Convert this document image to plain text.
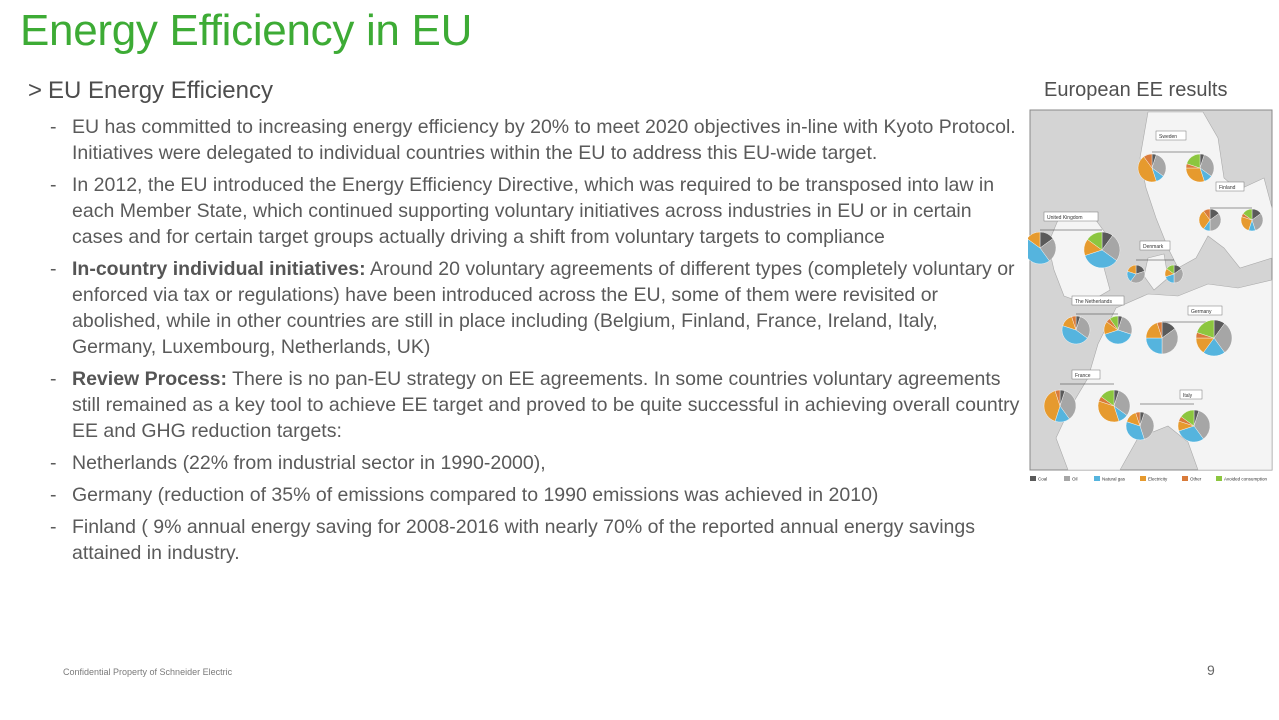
Energy Efficiency in EU
> EU Energy Efficiency
- EU has committed to increasing energy efficiency by 20% to meet 2020 objectives in-line with Kyoto Protocol. Initiatives were delegated to individual countries within the EU to address this EU-wide target.
- In 2012, the EU introduced the Energy Efficiency Directive, which was required to be transposed into law in each Member State, which continued supporting voluntary initiatives across industries in EU or in certain cases and for certain target groups actually driving a shift from voluntary targets to compliance
- In-country individual initiatives: Around 20 voluntary agreements of different types (completely voluntary or enforced via tax or regulations) have been introduced across the EU, some of them were revisited or abolished, while in other countries are still in place including (Belgium, Finland, France, Ireland, Italy, Germany, Luxembourg, Netherlands, UK)
- Review Process: There is no pan-EU strategy on EE agreements. In some countries voluntary agreements still remained as a key tool to achieve EE target and proved to be quite successful in achieving overall country EE and GHG reduction targets:
- Netherlands (22% from industrial sector in 1990-2000),
- Germany (reduction of 35% of emissions compared to 1990 emissions was achieved in 2010)
- Finland ( 9% annual energy saving for 2008-2016 with nearly 70% of the reported annual energy savings attained in industry.
European EE results
Sweden
Finland
United Kingdom
Denmark
The Netherlands
Germany
France
Italy
Coal	Oil	Natural gas	Electricity	Other	Avoided consumption
Confidential Property of Schneider Electric	9
